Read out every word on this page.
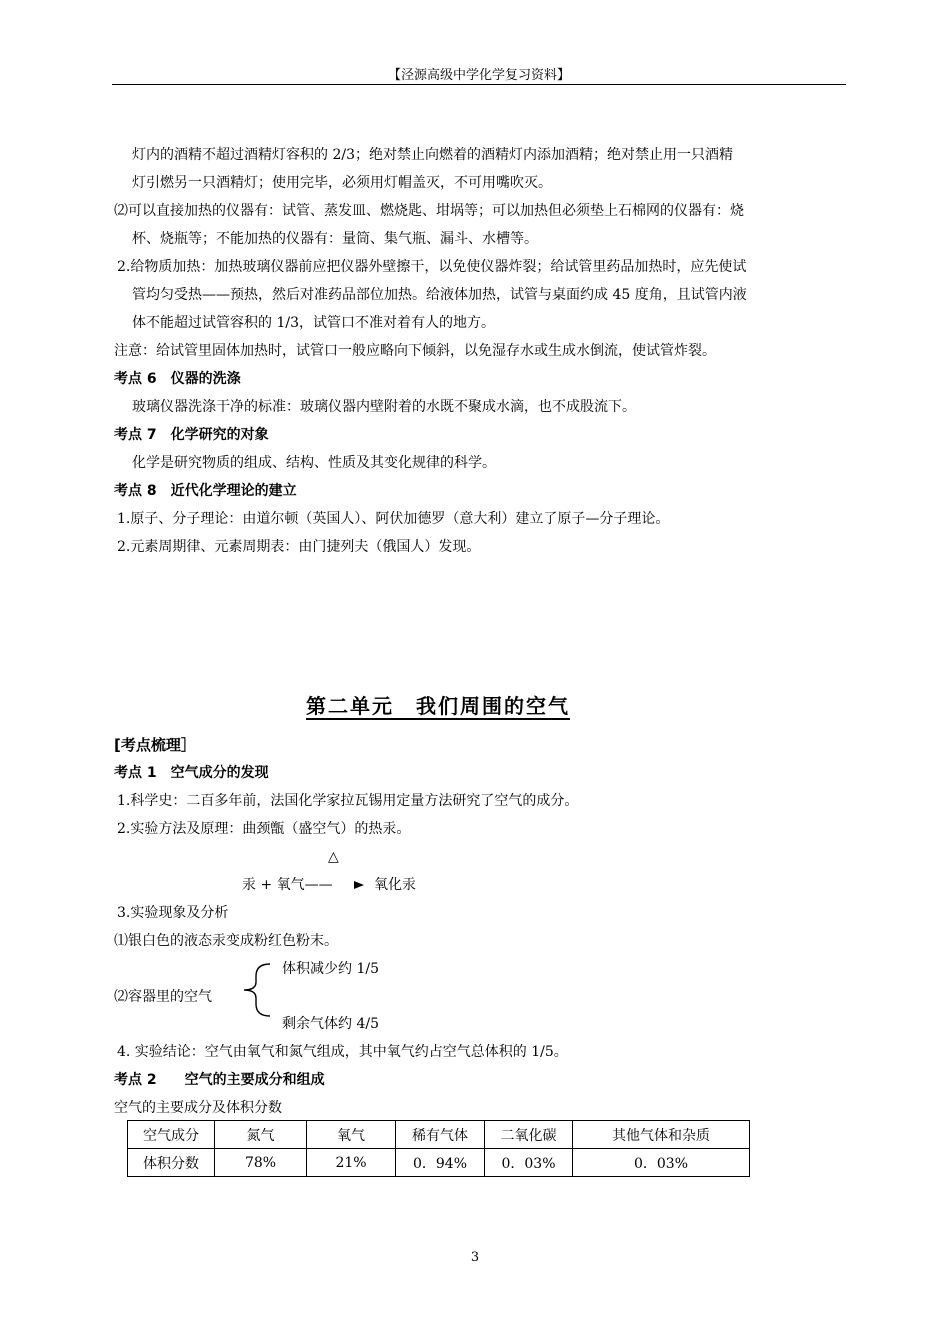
【泾源高级中学化学复习资料】
灯内的酒精不超过酒精灯容积的 2/3；绝对禁止向燃着的酒精灯内添加酒精；绝对禁止用一只酒精
灯引燃另一只酒精灯；使用完毕，必须用灯帽盖灭，不可用嘴吹灭。
⑵可以直接加热的仪器有：试管、蒸发皿、燃烧匙、坩埚等；可以加热但必须垫上石棉网的仪器有：烧
杯、烧瓶等；不能加热的仪器有：量筒、集气瓶、漏斗、水槽等。
2.给物质加热：加热玻璃仪器前应把仪器外壁擦干，以免使仪器炸裂；给试管里药品加热时，应先使试
管均匀受热——预热，然后对准药品部位加热。给液体加热，试管与桌面约成 45 度角，且试管内液
体不能超过试管容积的 1/3，试管口不准对着有人的地方。
注意：给试管里固体加热时，试管口一般应略向下倾斜，以免湿存水或生成水倒流，使试管炸裂。
考点 6　仪器的洗涤
玻璃仪器洗涤干净的标准：玻璃仪器内壁附着的水既不聚成水滴，也不成股流下。
考点 7　化学研究的对象
化学是研究物质的组成、结构、性质及其变化规律的科学。
考点 8　近代化学理论的建立
1.原子、分子理论：由道尔顿（英国人）、阿伏加德罗（意大利）建立了原子—分子理论。
2.元素周期律、元素周期表：由门捷列夫（俄国人）发现。
第二单元　我们周围的空气
[考点梳理］
考点 1　空气成分的发现
1.科学史：二百多年前，法国化学家拉瓦锡用定量方法研究了空气的成分。
2.实验方法及原理：曲颈甑（盛空气）的热汞。
△
汞 + 氧气——	氧化汞
3.实验现象及分析
⑴银白色的液态汞变成粉红色粉末。
⑵容器里的空气
体积减少约 1/5
剩余气体约 4/5
4. 实验结论：空气由氧气和氮气组成，其中氧气约占空气总体积的 1/5。
考点 2　　空气的主要成分和组成
空气的主要成分及体积分数
空气成分	氮气	氧气	稀有气体	二氧化碳	其他气体和杂质
体积分数	78%	21%	0．94%	0．03%	0．03%
3
